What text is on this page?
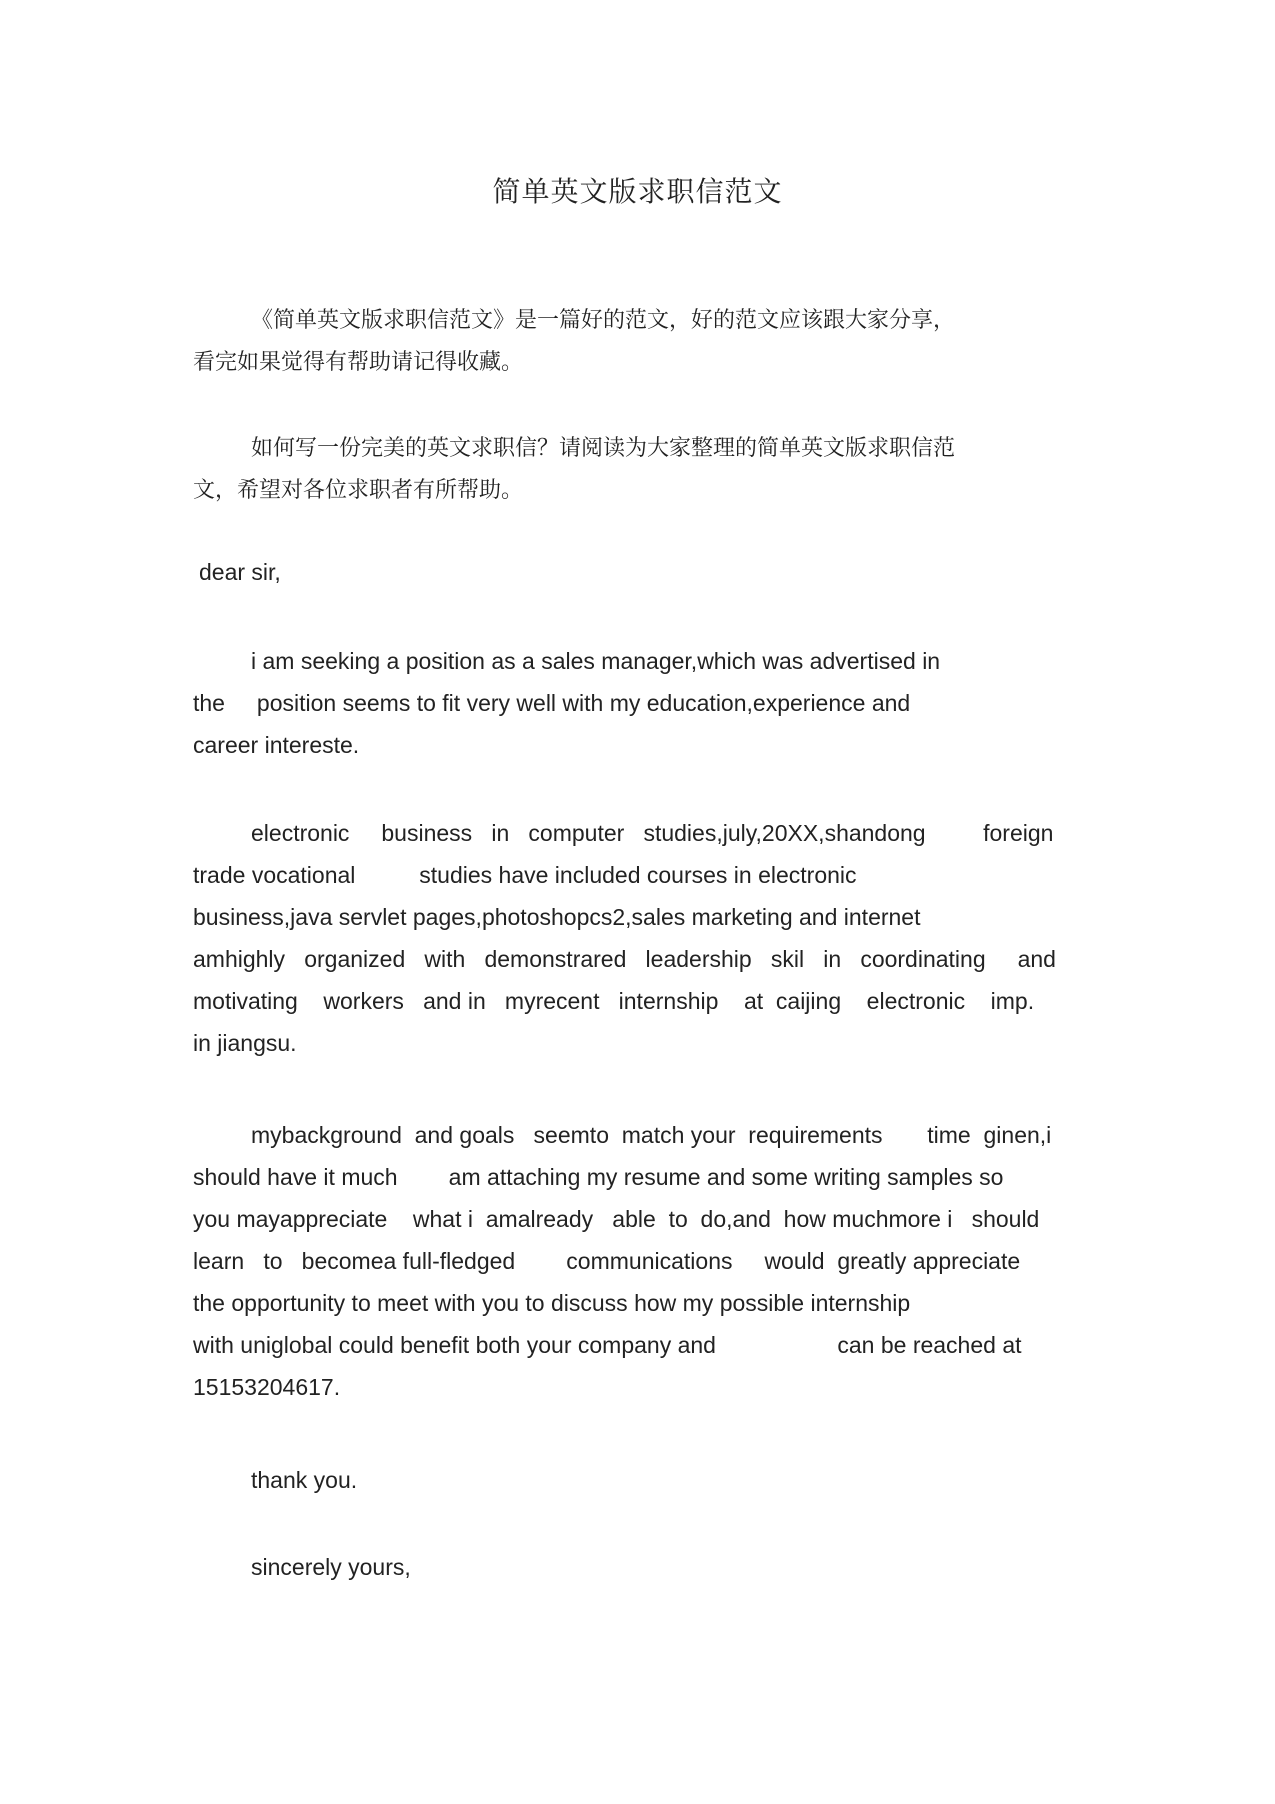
简单英文版求职信范文
《简单英文版求职信范文》是一篇好的范文，好的范文应该跟大家分享，
看完如果觉得有帮助请记得收藏。
如何写一份完美的英文求职信？请阅读为大家整理的简单英文版求职信范
文，希望对各位求职者有所帮助。
dear sir,
i am seeking a position as a sales manager,which was advertised in
the     position seems to fit very well with my education,experience and
career intereste.
electronic     business   in   computer   studies,july,20XX,shandong         foreign
trade vocational          studies have included courses in electronic
business,java servlet pages,photoshopcs2,sales marketing and internet
amhighly   organized   with   demonstrared   leadership   skil   in   coordinating     and
motivating    workers   and in   myrecent   internship    at  caijing    electronic    imp.
in jiangsu.
mybackground  and goals   seemto  match your  requirements       time  ginen,i
should have it much        am attaching my resume and some writing samples so
you mayappreciate    what i  amalready   able  to  do,and  how muchmore i   should
learn   to   becomea full-fledged        communications     would  greatly appreciate
the opportunity to meet with you to discuss how my possible internship
with uniglobal could benefit both your company and                   can be reached at
15153204617.
thank you.
sincerely yours,
